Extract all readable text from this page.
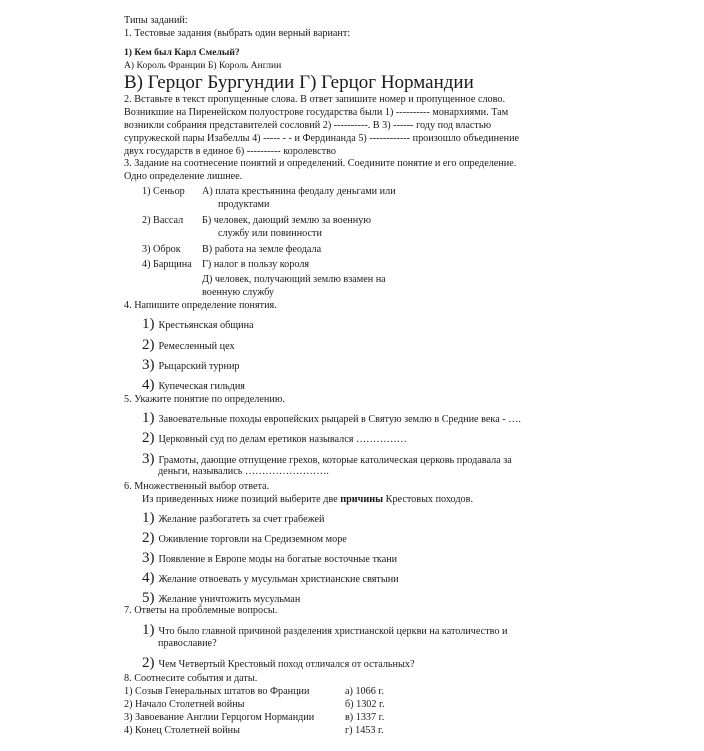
Типы заданий:
1. Тестовые задания (выбрать один верный вариант:
1) Кем был Карл Смелый?
А) Король Франции Б) Король Англии
В) Герцог Бургундии Г) Герцог Нормандии
2. Вставьте в текст пропущенные слова. В ответ запишите номер и пропущенное слово.
Возникшие на Пиренейском полуострове государства были 1) ---------- монархиями. Там
возникли собрания представителей сословий 2) ----------. В 3) ------ году под властью
супружеской пары Изабеллы 4) ----- - - и Фердинанда 5) ------------ произошло объединение
двух государств в единое 6) ---------- королевство
3. Задание на соотнесение понятий и определений. Соедините понятие и его определение.
Одно определение лишнее.
1) Сеньор А) плата крестьянина феодалу деньгами или
продуктами
2) Вассал Б) человек, дающий землю за военную
службу или повинности
3) Оброк В) работа на земле феодала
4) Барщина Г) налог в пользу короля
Д) человек, получающий землю взамен на
военную службу
4. Напишите определение понятия.
1) Крестьянская община
2) Ремесленный цех
3) Рыцарский турнир
4) Купеческая гильдия
5. Укажите понятие по определению.
1) Завоевательные походы европейских рыцарей в Святую землю в Средние века - ….
2) Церковный суд по делам еретиков назывался ……………
3) Грамоты, дающие отпущение грехов, которые католическая церковь продавала за
деньги, назывались …………………….
6. Множественный выбор ответа.
Из приведенных ниже позиций выберите две причины Крестовых походов.
1) Желание разбогатеть за счет грабежей
2) Оживление торговли на Средиземном море
3) Появление в Европе моды на богатые восточные ткани
4) Желание отвоевать у мусульман христианские святыни
5) Желание уничтожить мусульман
7. Ответы на проблемные вопросы.
1) Что было главной причиной разделения христианской церкви на католичество и
православие?
2) Чем Четвертый Крестовый поход отличался от остальных?
8. Соотнесите события и даты.
1) Созыв Генеральных штатов во Франции	а) 1066 г.
2) Начало Столетней войны	б) 1302 г.
3) Завоевание Англии Герцогом Нормандии	в) 1337 г.
4) Конец Столетней войны	г) 1453 г.
